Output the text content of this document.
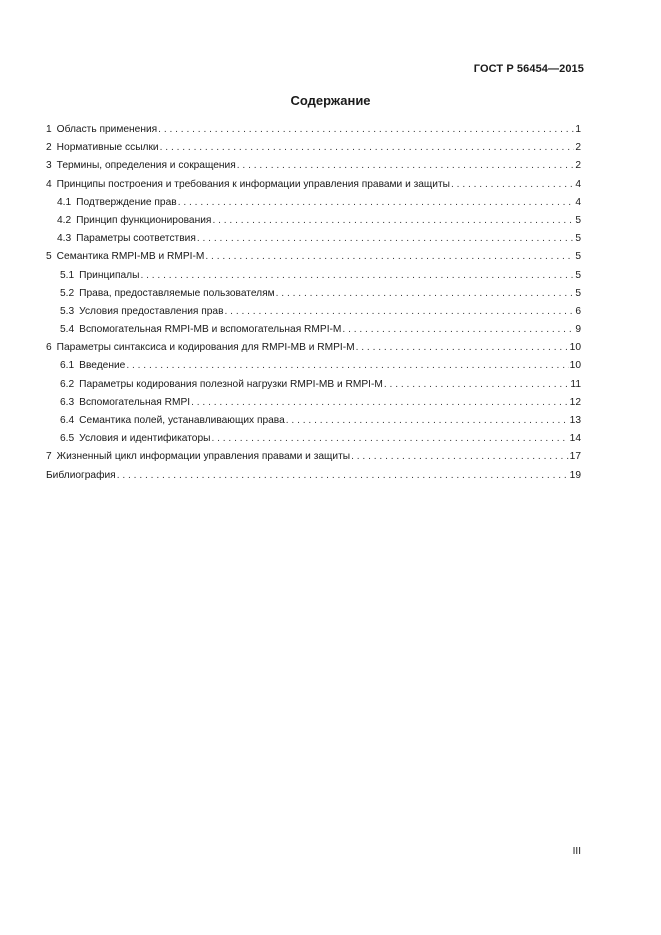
ГОСТ Р 56454—2015
Содержание
1 Область применения . . .	1
2 Нормативные ссылки . . .	2
3 Термины, определения и сокращения . . .	2
4 Принципы построения и требования к информации управления правами и защиты . . .	4
4.1 Подтверждение прав . . .	4
4.2 Принцип функционирования . . .	5
4.3 Параметры соответствия . . .	5
5 Семантика RMPI-MB и RMPI-M . . .	5
5.1 Принципалы . . .	5
5.2 Права, предоставляемые пользователям . . .	5
5.3 Условия предоставления прав . . .	6
5.4 Вспомогательная RMPI-MB и вспомогательная RMPI-M . . .	9
6 Параметры синтаксиса и кодирования для RMPI-MB и RMPI-M . . .	10
6.1 Введение . . .	10
6.2 Параметры кодирования полезной нагрузки RMPI-MB и RMPI-M . . .	11
6.3 Вспомогательная RMPI . . .	12
6.4 Семантика полей, устанавливающих права . . .	13
6.5 Условия и идентификаторы . . .	14
7 Жизненный цикл информации управления правами и защиты . . .	17
Библиография . . .	19
III
